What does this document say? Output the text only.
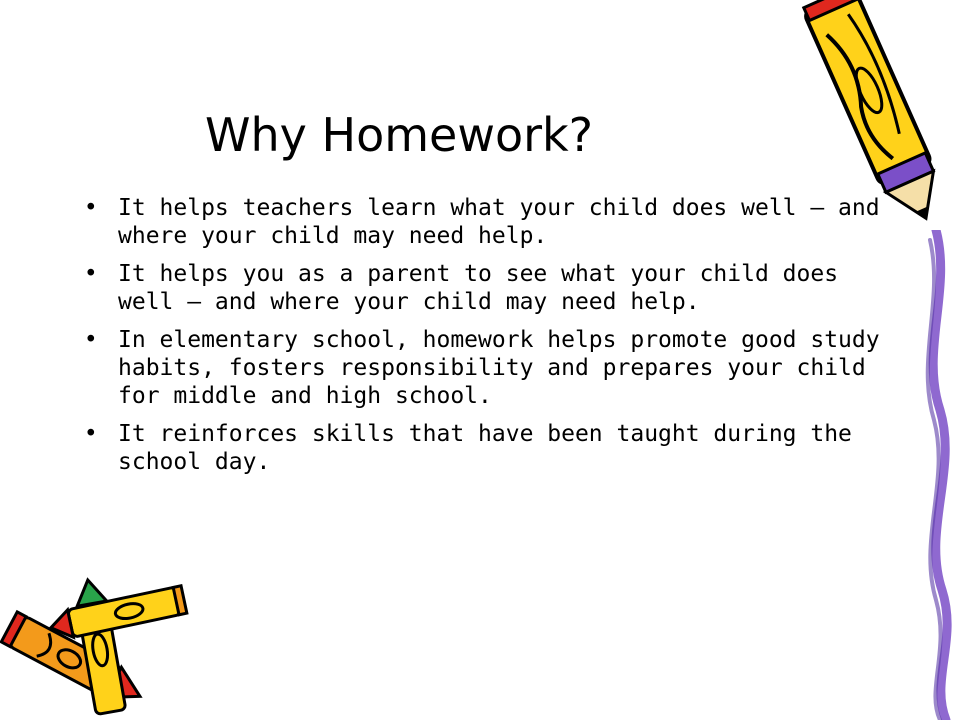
Why Homework?
• It helps teachers learn what your child does well – and where your child may need help.
• It helps you as a parent to see what your child does well – and where your child may need help.
• In elementary school, homework helps promote good study habits, fosters responsibility and prepares your child for middle and high school.
• It reinforces skills that have been taught during the school day.
